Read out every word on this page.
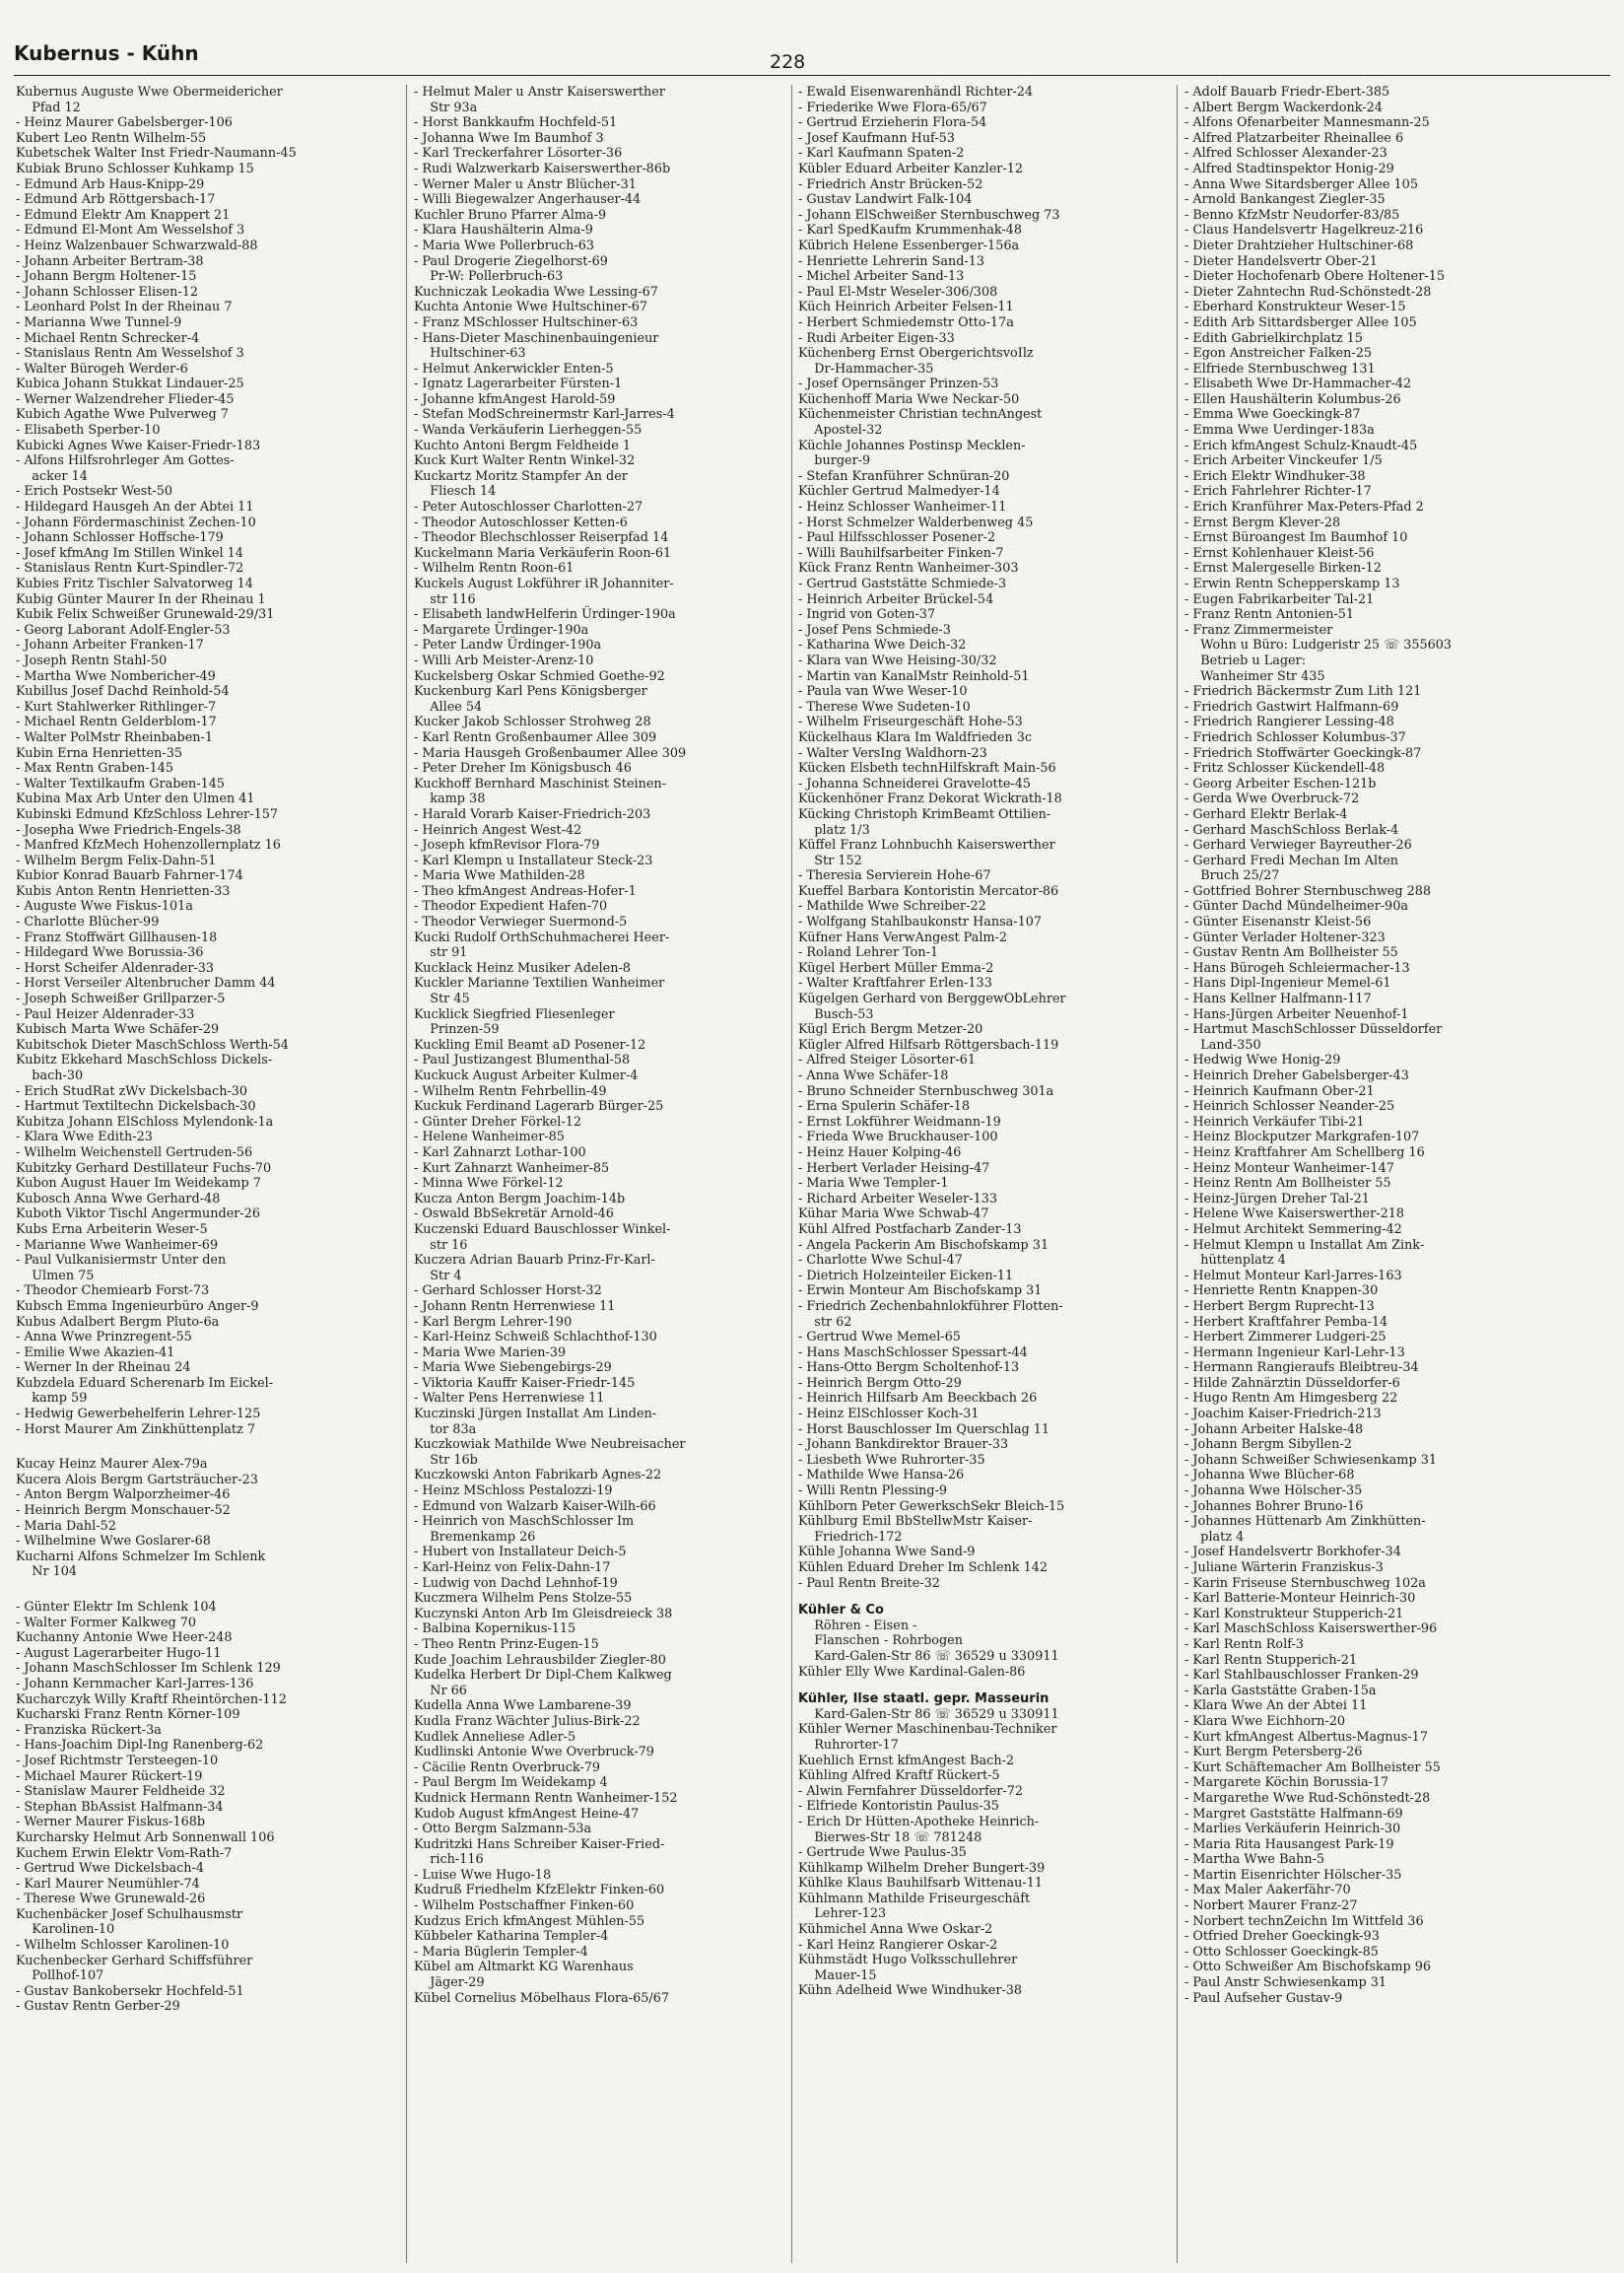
Kubernus - Kühn	228
Kubernus Auguste Wwe Obermeidericher
Pfad 12
- Heinz Maurer Gabelsberger-106
Kubert Leo Rentn Wilhelm-55
Kubetschek Walter Inst Friedr-Naumann-45
Kubiak Bruno Schlosser Kuhkamp 15
- Edmund Arb Haus-Knipp-29
- Edmund Arb Röttgersbach-17
- Edmund Elektr Am Knappert 21
- Edmund El-Mont Am Wesselshof 3
- Heinz Walzenbauer Schwarzwald-88
- Johann Arbeiter Bertram-38
- Johann Bergm Holtener-15
- Johann Schlosser Elisen-12
- Leonhard Polst In der Rheinau 7
- Marianna Wwe Tunnel-9
- Michael Rentn Schrecker-4
- Stanislaus Rentn Am Wesselshof 3
- Walter Bürogeh Werder-6
Kubica Johann Stukkat Lindauer-25
- Werner Walzendreher Flieder-45
Kubich Agathe Wwe Pulverweg 7
- Elisabeth Sperber-10
Kubicki Agnes Wwe Kaiser-Friedr-183
- Alfons Hilfsrohrleger Am Gottes-
acker 14
- Erich Postsekr West-50
- Hildegard Hausgeh An der Abtei 11
- Johann Fördermaschinist Zechen-10
- Johann Schlosser Hoffsche-179
- Josef kfmAng Im Stillen Winkel 14
- Stanislaus Rentn Kurt-Spindler-72
Kubies Fritz Tischler Salvatorweg 14
Kubig Günter Maurer In der Rheinau 1
Kubik Felix Schweißer Grunewald-29/31
- Georg Laborant Adolf-Engler-53
- Johann Arbeiter Franken-17
- Joseph Rentn Stahl-50
- Martha Wwe Nombericher-49
Kubillus Josef Dachd Reinhold-54
- Kurt Stahlwerker Rithlinger-7
- Michael Rentn Gelderblom-17
- Walter PolMstr Rheinbaben-1
Kubin Erna Henrietten-35
- Max Rentn Graben-145
- Walter Textilkaufm Graben-145
Kubina Max Arb Unter den Ulmen 41
Kubinski Edmund KfzSchloss Lehrer-157
- Josepha Wwe Friedrich-Engels-38
- Manfred KfzMech Hohenzollernplatz 16
- Wilhelm Bergm Felix-Dahn-51
Kubior Konrad Bauarb Fahrner-174
Kubis Anton Rentn Henrietten-33
- Auguste Wwe Fiskus-101a
- Charlotte Blücher-99
- Franz Stoffwärt Gillhausen-18
- Hildegard Wwe Borussia-36
- Horst Scheifer Aldenrader-33
- Horst Verseiler Altenbrucher Damm 44
- Joseph Schweißer Grillparzer-5
- Paul Heizer Aldenrader-33
Kubisch Marta Wwe Schäfer-29
Kubitschok Dieter MaschSchloss Werth-54
Kubitz Ekkehard MaschSchloss Dickels-
bach-30
- Erich StudRat zWv Dickelsbach-30
- Hartmut Textiltechn Dickelsbach-30
Kubitza Johann ElSchloss Mylendonk-1a
- Klara Wwe Edith-23
- Wilhelm Weichenstell Gertruden-56
Kubitzky Gerhard Destillateur Fuchs-70
Kubon August Hauer Im Weidekamp 7
Kubosch Anna Wwe Gerhard-48
Kuboth Viktor Tischl Angermunder-26
Kubs Erna Arbeiterin Weser-5
- Marianne Wwe Wanheimer-69
- Paul Vulkanisiermstr Unter den
Ulmen 75
- Theodor Chemiearb Forst-73
Kubsch Emma Ingenieurbüro Anger-9
Kubus Adalbert Bergm Pluto-6a
- Anna Wwe Prinzregent-55
- Emilie Wwe Akazien-41
- Werner In der Rheinau 24
Kubzdela Eduard Scherenarb Im Eickel-
kamp 59
- Hedwig Gewerbehelferin Lehrer-125
- Horst Maurer Am Zinkhüttenplatz 7
Kucay Heinz Maurer Alex-79a
Kucera Alois Bergm Gartsträucher-23
- Anton Bergm Walporzheimer-46
- Heinrich Bergm Monschauer-52
- Maria Dahl-52
- Wilhelmine Wwe Goslarer-68
Kucharni Alfons Schmelzer Im Schlenk
Nr 104
- Günter Elektr Im Schlenk 104
- Walter Former Kalkweg 70
Kuchanny Antonie Wwe Heer-248
- August Lagerarbeiter Hugo-11
- Johann MaschSchlosser Im Schlenk 129
- Johann Kernmacher Karl-Jarres-136
Kucharczyk Willy Kraftf Rheintörchen-112
Kucharski Franz Rentn Körner-109
- Franziska Rückert-3a
- Hans-Joachim Dipl-Ing Ranenberg-62
- Josef Richtmstr Tersteegen-10
- Michael Maurer Rückert-19
- Stanislaw Maurer Feldheide 32
- Stephan BbAssist Halfmann-34
- Werner Maurer Fiskus-168b
Kurcharsky Helmut Arb Sonnenwall 106
Kuchem Erwin Elektr Vom-Rath-7
- Gertrud Wwe Dickelsbach-4
- Karl Maurer Neumühler-74
- Therese Wwe Grunewald-26
Kuchenbäcker Josef Schulhausmstr
Karolinen-10
- Wilhelm Schlosser Karolinen-10
Kuchenbecker Gerhard Schiffsführer
Pollhof-107
- Gustav Bankobersekr Hochfeld-51
- Gustav Rentn Gerber-29
- Helmut Maler u Anstr Kaiserswerther
Str 93a
- Horst Bankkaufm Hochfeld-51
- Johanna Wwe Im Baumhof 3
- Karl Treckerfahrer Lösorter-36
- Rudi Walzwerkarb Kaiserswerther-86b
- Werner Maler u Anstr Blücher-31
- Willi Biegewalzer Angerhauser-44
Kuchler Bruno Pfarrer Alma-9
- Klara Haushälterin Alma-9
- Maria Wwe Pollerbruch-63
- Paul Drogerie Ziegelhorst-69
Pr-W: Pollerbruch-63
Kuchniczak Leokadia Wwe Lessing-67
Kuchta Antonie Wwe Hultschiner-67
- Franz MSchlosser Hultschiner-63
- Hans-Dieter Maschinenbauingenieur
Hultschiner-63
- Helmut Ankerwickler Enten-5
- Ignatz Lagerarbeiter Fürsten-1
- Johanne kfmAngest Harold-59
- Stefan ModSchreinermstr Karl-Jarres-4
- Wanda Verkäuferin Lierheggen-55
Kuchto Antoni Bergm Feldheide 1
Kuck Kurt Walter Rentn Winkel-32
Kuckartz Moritz Stampfer An der
Fliesch 14
- Peter Autoschlosser Charlotten-27
- Theodor Autoschlosser Ketten-6
- Theodor Blechschlosser Reiserpfad 14
Kuckelmann Maria Verkäuferin Roon-61
- Wilhelm Rentn Roon-61
Kuckels August Lokführer iR Johanniter-
str 116
- Elisabeth landwHelferin Ürdinger-190a
- Margarete Ürdinger-190a
- Peter Landw Ürdinger-190a
- Willi Arb Meister-Arenz-10
Kuckelsberg Oskar Schmied Goethe-92
Kuckenburg Karl Pens Königsberger
Allee 54
Kucker Jakob Schlosser Strohweg 28
- Karl Rentn Großenbaumer Allee 309
- Maria Hausgeh Großenbaumer Allee 309
- Peter Dreher Im Königsbusch 46
Kuckhoff Bernhard Maschinist Steinen-
kamp 38
- Harald Vorarb Kaiser-Friedrich-203
- Heinrich Angest West-42
- Joseph kfmRevisor Flora-79
- Karl Klempn u Installateur Steck-23
- Maria Wwe Mathilden-28
- Theo kfmAngest Andreas-Hofer-1
- Theodor Expedient Hafen-70
- Theodor Verwieger Suermond-5
Kucki Rudolf OrthSchuhmacherei Heer-
str 91
Kucklack Heinz Musiker Adelen-8
Kuckler Marianne Textilien Wanheimer
Str 45
Kucklick Siegfried Fliesenleger
Prinzen-59
Kuckling Emil Beamt aD Posener-12
- Paul Justizangest Blumenthal-58
Kuckuck August Arbeiter Kulmer-4
- Wilhelm Rentn Fehrbellin-49
Kuckuk Ferdinand Lagerarb Bürger-25
- Günter Dreher Förkel-12
- Helene Wanheimer-85
- Karl Zahnarzt Lothar-100
- Kurt Zahnarzt Wanheimer-85
- Minna Wwe Förkel-12
Kucza Anton Bergm Joachim-14b
- Oswald BbSekretär Arnold-46
Kuczenski Eduard Bauschlosser Winkel-
str 16
Kuczera Adrian Bauarb Prinz-Fr-Karl-
Str 4
- Gerhard Schlosser Horst-32
- Johann Rentn Herrenwiese 11
- Karl Bergm Lehrer-190
- Karl-Heinz Schweiß Schlachthof-130
- Maria Wwe Marien-39
- Maria Wwe Siebengebirgs-29
- Viktoria Kauffr Kaiser-Friedr-145
- Walter Pens Herrenwiese 11
Kuczinski Jürgen Installat Am Linden-
tor 83a
Kuczkowiak Mathilde Wwe Neubreisacher
Str 16b
Kuczkowski Anton Fabrikarb Agnes-22
- Heinz MSchloss Pestalozzi-19
- Edmund von Walzarb Kaiser-Wilh-66
- Heinrich von MaschSchlosser Im
Bremenkamp 26
- Hubert von Installateur Deich-5
- Karl-Heinz von Felix-Dahn-17
- Ludwig von Dachd Lehnhof-19
Kuczmera Wilhelm Pens Stolze-55
Kuczynski Anton Arb Im Gleisdreieck 38
- Balbina Kopernikus-115
- Theo Rentn Prinz-Eugen-15
Kude Joachim Lehrausbilder Ziegler-80
Kudelka Herbert Dr Dipl-Chem Kalkweg
Nr 66
Kudella Anna Wwe Lambarene-39
Kudla Franz Wächter Julius-Birk-22
Kudlek Anneliese Adler-5
Kudlinski Antonie Wwe Overbruck-79
- Cäcilie Rentn Overbruck-79
- Paul Bergm Im Weidekamp 4
Kudnick Hermann Rentn Wanheimer-152
Kudob August kfmAngest Heine-47
- Otto Bergm Salzmann-53a
Kudritzki Hans Schreiber Kaiser-Fried-
rich-116
- Luise Wwe Hugo-18
Kudruß Friedhelm KfzElektr Finken-60
- Wilhelm Postschaffner Finken-60
Kudzus Erich kfmAngest Mühlen-55
Kübbeler Katharina Templer-4
- Maria Büglerin Templer-4
Kübel am Altmarkt KG Warenhaus
Jäger-29
Kübel Cornelius Möbelhaus Flora-65/67
- Ewald Eisenwarenhändl Richter-24
- Friederike Wwe Flora-65/67
- Gertrud Erzieherin Flora-54
- Josef Kaufmann Huf-53
- Karl Kaufmann Spaten-2
Kübler Eduard Arbeiter Kanzler-12
- Friedrich Anstr Brücken-52
- Gustav Landwirt Falk-104
- Johann ElSchweißer Sternbuschweg 73
- Karl SpedKaufm Krummenhak-48
Kübrich Helene Essenberger-156a
- Henriette Lehrerin Sand-13
- Michel Arbeiter Sand-13
- Paul El-Mstr Weseler-306/308
Küch Heinrich Arbeiter Felsen-11
- Herbert Schmiedemstr Otto-17a
- Rudi Arbeiter Eigen-33
Küchenberg Ernst ObergerichtsvoIlz
Dr-Hammacher-35
- Josef Opernsänger Prinzen-53
Küchenhoff Maria Wwe Neckar-50
Küchenmeister Christian technAngest
Apostel-32
Küchle Johannes Postinsp Mecklen-
burger-9
- Stefan Kranführer Schnüran-20
Küchler Gertrud Malmedyer-14
- Heinz Schlosser Wanheimer-11
- Horst Schmelzer Walderbenweg 45
- Paul Hilfsschlosser Posener-2
- Willi Bauhilfsarbeiter Finken-7
Kück Franz Rentn Wanheimer-303
- Gertrud Gaststätte Schmiede-3
- Heinrich Arbeiter Brückel-54
- Ingrid von Goten-37
- Josef Pens Schmiede-3
- Katharina Wwe Deich-32
- Klara van Wwe Heising-30/32
- Martin van KanalMstr Reinhold-51
- Paula van Wwe Weser-10
- Therese Wwe Sudeten-10
- Wilhelm Friseurgeschäft Hohe-53
Kückelhaus Klara Im Waldfrieden 3c
- Walter VersIng Waldhorn-23
Kücken Elsbeth technHilfskraft Main-56
- Johanna Schneiderei Gravelotte-45
Kückenhöner Franz Dekorat Wickrath-18
Kücking Christoph KrimBeamt Ottilien-
platz 1/3
Küffel Franz Lohnbuchh Kaiserswerther
Str 152
- Theresia Servierein Hohe-67
Kueffel Barbara Kontoristin Mercator-86
- Mathilde Wwe Schreiber-22
- Wolfgang Stahlbaukonstr Hansa-107
Küfner Hans VerwAngest Palm-2
- Roland Lehrer Ton-1
Kügel Herbert Müller Emma-2
- Walter Kraftfahrer Erlen-133
Kügelgen Gerhard von BerggewObLehrer
Busch-53
Kügl Erich Bergm Metzer-20
Kügler Alfred Hilfsarb Röttgersbach-119
- Alfred Steiger Lösorter-61
- Anna Wwe Schäfer-18
- Bruno Schneider Sternbuschweg 301a
- Erna Spulerin Schäfer-18
- Ernst Lokführer Weidmann-19
- Frieda Wwe Bruckhauser-100
- Heinz Hauer Kolping-46
- Herbert Verlader Heising-47
- Maria Wwe Templer-1
- Richard Arbeiter Weseler-133
Kühar Maria Wwe Schwab-47
Kühl Alfred Postfacharb Zander-13
- Angela Packerin Am Bischofskamp 31
- Charlotte Wwe Schul-47
- Dietrich Holzeinteiler Eicken-11
- Erwin Monteur Am Bischofskamp 31
- Friedrich Zechenbahnlokführer Flotten-
str 62
- Gertrud Wwe Memel-65
- Hans MaschSchlosser Spessart-44
- Hans-Otto Bergm Scholtenhof-13
- Heinrich Bergm Otto-29
- Heinrich Hilfsarb Am Beeckbach 26
- Heinz ElSchlosser Koch-31
- Horst Bauschlosser Im Querschlag 11
- Johann Bankdirektor Brauer-33
- Liesbeth Wwe Ruhrorter-35
- Mathilde Wwe Hansa-26
- Willi Rentn Plessing-9
Kühlborn Peter GewerkschSekr Bleich-15
Kühlburg Emil BbStellwMstr Kaiser-
Friedrich-172
Kühle Johanna Wwe Sand-9
Kühlen Eduard Dreher Im Schlenk 142
- Paul Rentn Breite-32
Kühler & Co
Röhren - Eisen -
Flanschen - Rohrbogen
Kard-Galen-Str 86 ☏ 36529 u 330911
Kühler Elly Wwe Kardinal-Galen-86
Kühler, Ilse staatl. gepr. Masseurin
Kard-Galen-Str 86 ☏ 36529 u 330911
Kühler Werner Maschinenbau-Techniker
Ruhrorter-17
Kuehlich Ernst kfmAngest Bach-2
Kühling Alfred Kraftf Rückert-5
- Alwin Fernfahrer Düsseldorfer-72
- Elfriede Kontoristin Paulus-35
- Erich Dr Hütten-Apotheke Heinrich-
Bierwes-Str 18 ☏ 781248
- Gertrude Wwe Paulus-35
Kühlkamp Wilhelm Dreher Bungert-39
Kühlke Klaus Bauhilfsarb Wittenau-11
Kühlmann Mathilde Friseurgeschäft
Lehrer-123
Kühmichel Anna Wwe Oskar-2
- Karl Heinz Rangierer Oskar-2
Kühmstädt Hugo Volksschullehrer
Mauer-15
Kühn Adelheid Wwe Windhuker-38
- Adolf Bauarb Friedr-Ebert-385
- Albert Bergm Wackerdonk-24
- Alfons Ofenarbeiter Mannesmann-25
- Alfred Platzarbeiter Rheinallee 6
- Alfred Schlosser Alexander-23
- Alfred Stadtinspektor Honig-29
- Anna Wwe Sitardsberger Allee 105
- Arnold Bankangest Ziegler-35
- Benno KfzMstr Neudorfer-83/85
- Claus Handelsvertr Hagelkreuz-216
- Dieter Drahtzieher Hultschiner-68
- Dieter Handelsvertr Ober-21
- Dieter Hochofenarb Obere Holtener-15
- Dieter Zahntechn Rud-Schönstedt-28
- Eberhard Konstrukteur Weser-15
- Edith Arb Sittardsberger Allee 105
- Edith Gabrielkirchplatz 15
- Egon Anstreicher Falken-25
- Elfriede Sternbuschweg 131
- Elisabeth Wwe Dr-Hammacher-42
- Ellen Haushälterin Kolumbus-26
- Emma Wwe Goeckingk-87
- Emma Wwe Uerdinger-183a
- Erich kfmAngest Schulz-Knaudt-45
- Erich Arbeiter Vinckeufer 1/5
- Erich Elektr Windhuker-38
- Erich Fahrlehrer Richter-17
- Erich Kranführer Max-Peters-Pfad 2
- Ernst Bergm Klever-28
- Ernst Büroangest Im Baumhof 10
- Ernst Kohlenhauer Kleist-56
- Ernst Malergeselle Birken-12
- Erwin Rentn Schepperskamp 13
- Eugen Fabrikarbeiter Tal-21
- Franz Rentn Antonien-51
- Franz Zimmermeister
Wohn u Büro: Ludgeristr 25 ☏ 355603
Betrieb u Lager:
Wanheimer Str 435
- Friedrich Bäckermstr Zum Lith 121
- Friedrich Gastwirt Halfmann-69
- Friedrich Rangierer Lessing-48
- Friedrich Schlosser Kolumbus-37
- Friedrich Stoffwärter Goeckingk-87
- Fritz Schlosser Kückendell-48
- Georg Arbeiter Eschen-121b
- Gerda Wwe Overbruck-72
- Gerhard Elektr Berlak-4
- Gerhard MaschSchloss Berlak-4
- Gerhard Verwieger Bayreuther-26
- Gerhard Fredi Mechan Im Alten
Bruch 25/27
- Gottfried Bohrer Sternbuschweg 288
- Günter Dachd Mündelheimer-90a
- Günter Eisenanstr Kleist-56
- Günter Verlader Holtener-323
- Gustav Rentn Am Bollheister 55
- Hans Bürogeh Schleiermacher-13
- Hans Dipl-Ingenieur Memel-61
- Hans Kellner Halfmann-117
- Hans-Jürgen Arbeiter Neuenhof-1
- Hartmut MaschSchlosser Düsseldorfer
Land-350
- Hedwig Wwe Honig-29
- Heinrich Dreher Gabelsberger-43
- Heinrich Kaufmann Ober-21
- Heinrich Schlosser Neander-25
- Heinrich Verkäufer Tibi-21
- Heinz Blockputzer Markgrafen-107
- Heinz Kraftfahrer Am Schellberg 16
- Heinz Monteur Wanheimer-147
- Heinz Rentn Am Bollheister 55
- Heinz-Jürgen Dreher Tal-21
- Helene Wwe Kaiserswerther-218
- Helmut Architekt Semmering-42
- Helmut Klempn u Installat Am Zink-
hüttenplatz 4
- Helmut Monteur Karl-Jarres-163
- Henriette Rentn Knappen-30
- Herbert Bergm Ruprecht-13
- Herbert Kraftfahrer Pemba-14
- Herbert Zimmerer Ludgeri-25
- Hermann Ingenieur Karl-Lehr-13
- Hermann Rangieraufs Bleibtreu-34
- Hilde Zahnärztin Düsseldorfer-6
- Hugo Rentn Am Himgesberg 22
- Joachim Kaiser-Friedrich-213
- Johann Arbeiter Halske-48
- Johann Bergm Sibyllen-2
- Johann Schweißer Schwiesenkamp 31
- Johanna Wwe Blücher-68
- Johanna Wwe Hölscher-35
- Johannes Bohrer Bruno-16
- Johannes Hüttenarb Am Zinkhütten-
platz 4
- Josef Handelsvertr Borkhofer-34
- Juliane Wärterin Franziskus-3
- Karin Friseuse Sternbuschweg 102a
- Karl Batterie-Monteur Heinrich-30
- Karl Konstrukteur Stupperich-21
- Karl MaschSchloss Kaiserswerther-96
- Karl Rentn Rolf-3
- Karl Rentn Stupperich-21
- Karl Stahlbauschlosser Franken-29
- Karla Gaststätte Graben-15a
- Klara Wwe An der Abtei 11
- Klara Wwe Eichhorn-20
- Kurt kfmAngest Albertus-Magnus-17
- Kurt Bergm Petersberg-26
- Kurt Schäftemacher Am Bollheister 55
- Margarete Köchin Borussia-17
- Margarethe Wwe Rud-Schönstedt-28
- Margret Gaststätte Halfmann-69
- Marlies Verkäuferin Heinrich-30
- Maria Rita Hausangest Park-19
- Martha Wwe Bahn-5
- Martin Eisenrichter Hölscher-35
- Max Maler Aakerfähr-70
- Norbert Maurer Franz-27
- Norbert technZeichn Im Wittfeld 36
- Otfried Dreher Goeckingk-93
- Otto Schlosser Goeckingk-85
- Otto Schweißer Am Bischofskamp 96
- Paul Anstr Schwiesenkamp 31
- Paul Aufseher Gustav-9
